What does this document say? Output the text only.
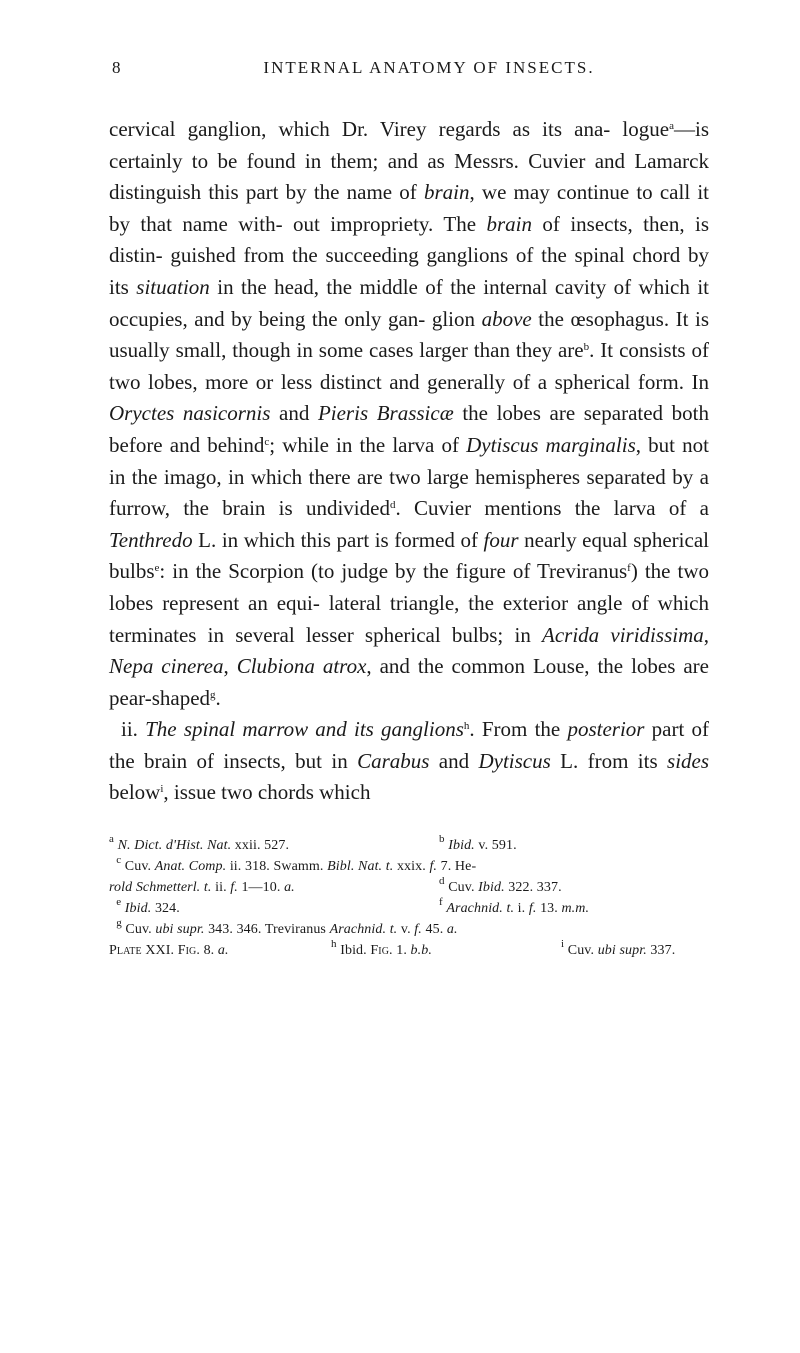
8	INTERNAL ANATOMY OF INSECTS.

cervical ganglion, which Dr. Virey regards as its ana- logue$^a$—is certainly to be found in them; and as Messrs. Cuvier and Lamarck distinguish this part by the name of brain, we may continue to call it by that name with- out impropriety. The brain of insects, then, is distin- guished from the succeeding ganglions of the spinal chord by its situation in the head, the middle of the internal cavity of which it occupies, and by being the only gan- glion above the œsophagus. It is usually small, though in some cases larger than they are$^b$. It consists of two lobes, more or less distinct and generally of a spherical form. In Oryctes nasicornis and Pieris Brassicæ the lobes are separated both before and behind$^c$; while in the larva of Dytiscus marginalis, but not in the imago, in which there are two large hemispheres separated by a furrow, the brain is undivided$^d$. Cuvier mentions the larva of a Tenthredo L. in which this part is formed of four nearly equal spherical bulbs$^e$: in the Scorpion (to judge by the figure of Treviranus$^f$) the two lobes represent an equi- lateral triangle, the exterior angle of which terminates in several lesser spherical bulbs; in Acrida viridissima, Nepa cinerea, Clubiona atrox, and the common Louse, the lobes are pear-shaped$^g$.

ii. The spinal marrow and its ganglions$^h$. From the posterior part of the brain of insects, but in Carabus and Dytiscus L. from its sides below$^i$, issue two chords which

$^a$ N. Dict. d'Hist. Nat. xxii. 527.	$^b$ Ibid. v. 591.
$^c$ Cuv. Anat. Comp. ii. 318. Swamm. Bibl. Nat. t. xxix. f. 7. He-
rold Schmetterl. t. ii. f. 1—10. a.	$^d$ Cuv. Ibid. 322. 337.
$^e$ Ibid. 324.	$^f$ Arachnid. t. i. f. 13. m.m.
$^g$ Cuv. ubi supr. 343. 346. Treviranus Arachnid. t. v. f. 45. a.
Plate XXI. Fig. 8. a.	$^h$ Ibid. Fig. 1. b.b.	$^i$ Cuv. ubi supr. 337.
